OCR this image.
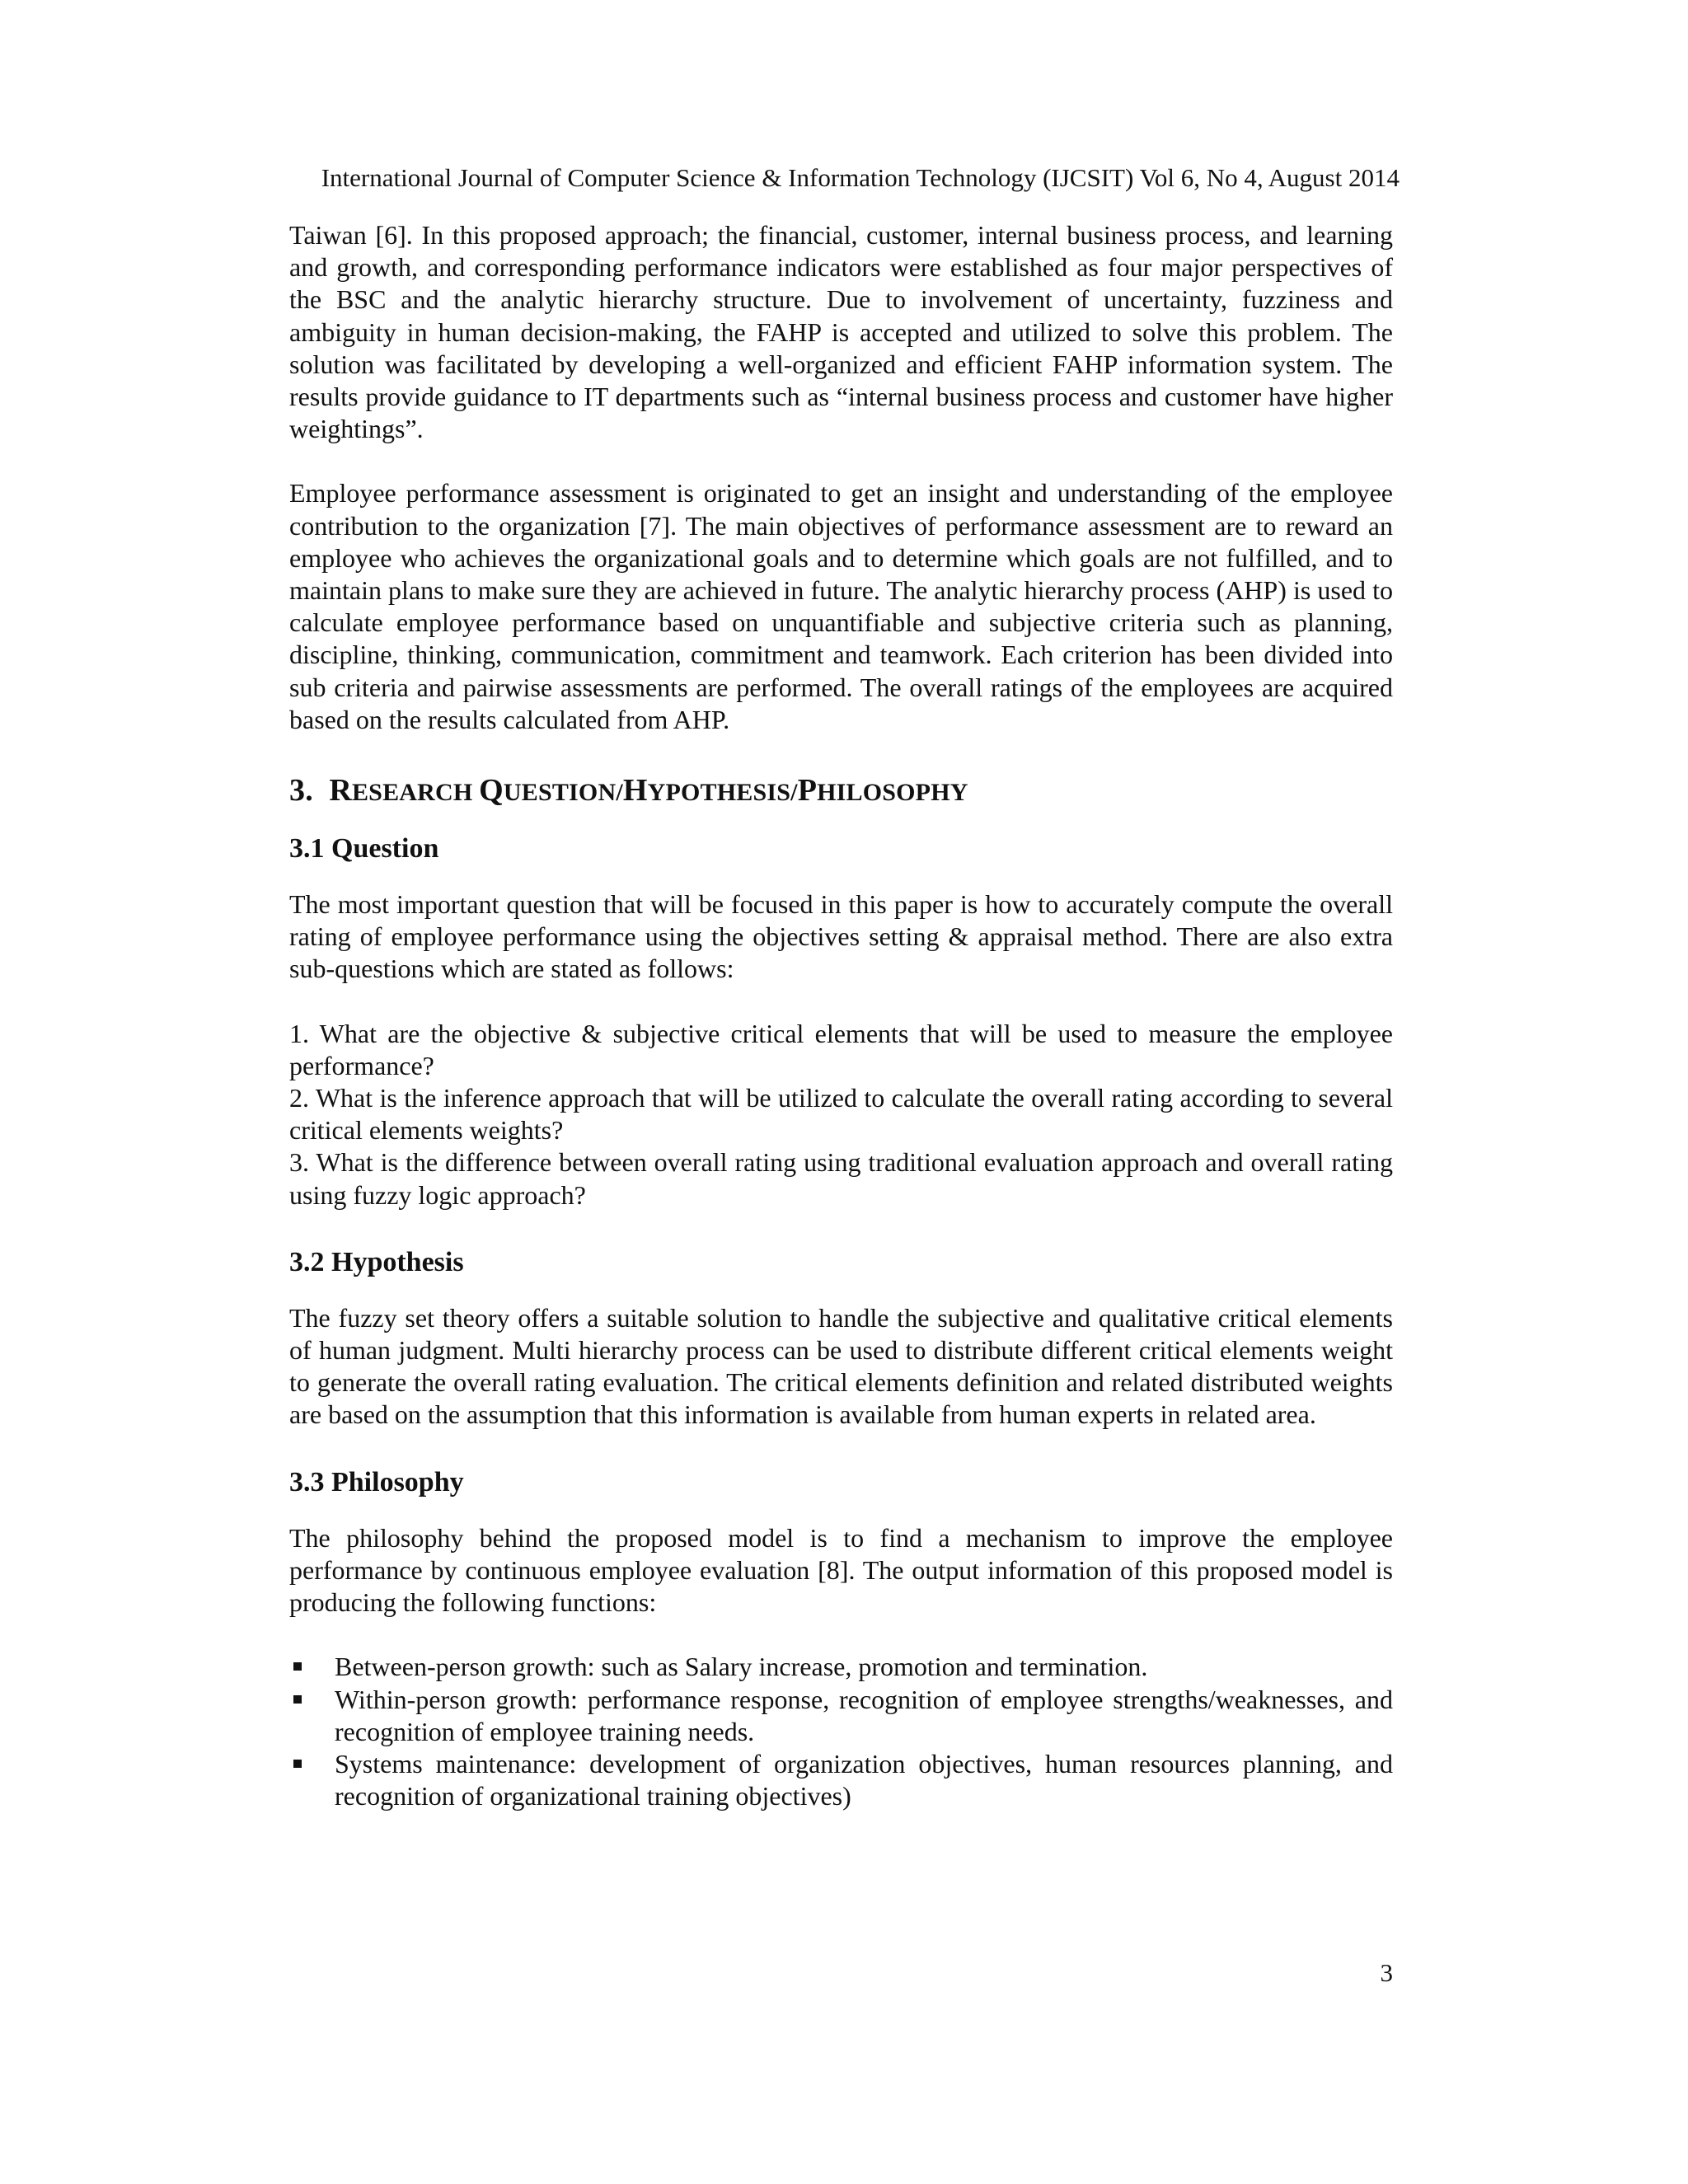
International Journal of Computer Science & Information Technology (IJCSIT) Vol 6, No 4, August 2014

Taiwan [6]. In this proposed approach; the financial, customer, internal business process, and learning and growth, and corresponding performance indicators were established as four major perspectives of the BSC and the analytic hierarchy structure. Due to involvement of uncertainty, fuzziness and ambiguity in human decision-making, the FAHP is accepted and utilized to solve this problem. The solution was facilitated by developing a well-organized and efficient FAHP information system. The results provide guidance to IT departments such as “internal business process and customer have higher weightings”.

Employee performance assessment is originated to get an insight and understanding of the employee contribution to the organization [7]. The main objectives of performance assessment are to reward an employee who achieves the organizational goals and to determine which goals are not fulfilled, and to maintain plans to make sure they are achieved in future. The analytic hierarchy process (AHP) is used to calculate employee performance based on unquantifiable and subjective criteria such as planning, discipline, thinking, communication, commitment and teamwork. Each criterion has been divided into sub criteria and pairwise assessments are performed. The overall ratings of the employees are acquired based on the results calculated from AHP.

3. RESEARCH QUESTION/HYPOTHESIS/PHILOSOPHY
3.1 Question

The most important question that will be focused in this paper is how to accurately compute the overall rating of employee performance using the objectives setting & appraisal method. There are also extra sub-questions which are stated as follows:

1. What are the objective & subjective critical elements that will be used to measure the employee performance?

2. What is the inference approach that will be utilized to calculate the overall rating according to several critical elements weights?

3. What is the difference between overall rating using traditional evaluation approach and overall rating using fuzzy logic approach?

3.2 Hypothesis

The fuzzy set theory offers a suitable solution to handle the subjective and qualitative critical elements of human judgment. Multi hierarchy process can be used to distribute different critical elements weight to generate the overall rating evaluation. The critical elements definition and related distributed weights are based on the assumption that this information is available from human experts in related area.

3.3 Philosophy

The philosophy behind the proposed model is to find a mechanism to improve the employee performance by continuous employee evaluation [8]. The output information of this proposed model is producing the following functions:

Between-person growth: such as Salary increase, promotion and termination.
Within-person growth: performance response, recognition of employee strengths/weaknesses, and recognition of employee training needs.
Systems maintenance: development of organization objectives, human resources planning, and recognition of organizational training objectives)
3
